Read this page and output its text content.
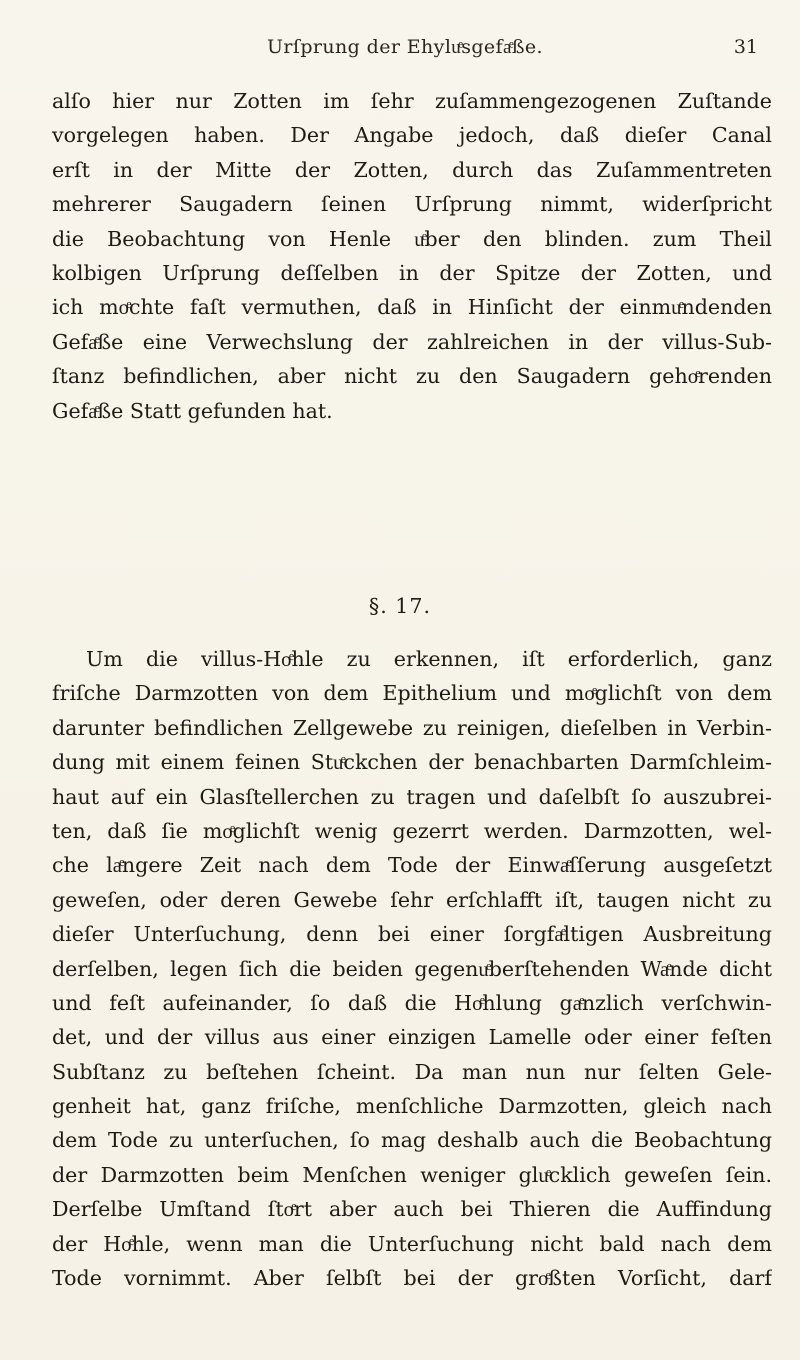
Urſprung der Ehyluͤsgefaͤße.	31
alſo hier nur Zotten im ſehr zuſammengezogenen Zuſtande
vorgelegen haben. Der Angabe jedoch, daß dieſer Canal
erſt in der Mitte der Zotten, durch das Zuſammentreten
mehrerer Saugadern ſeinen Urſprung nimmt, widerſpricht
die Beobachtung von Henle uͤber den blinden. zum Theil
kolbigen Urſprung deſſelben in der Spitze der Zotten, und
ich moͤchte faſt vermuthen, daß in Hinſicht der einmuͤndenden
Gefaͤße eine Verwechslung der zahlreichen in der villus-Sub-
ſtanz befindlichen, aber nicht zu den Saugadern gehoͤrenden
Gefaͤße Statt gefunden hat.
§. 17.
Um die villus-Hoͤhle zu erkennen, iſt erforderlich, ganz
friſche Darmzotten von dem Epithelium und moͤglichſt von dem
darunter befindlichen Zellgewebe zu reinigen, dieſelben in Verbin-
dung mit einem feinen Stuͤckchen der benachbarten Darmſchleim-
haut auf ein Glasſtellerchen zu tragen und daſelbſt ſo auszubrei-
ten, daß ſie moͤglichſt wenig gezerrt werden. Darmzotten, wel-
che laͤngere Zeit nach dem Tode der Einwaͤſſerung ausgeſetzt
geweſen, oder deren Gewebe ſehr erſchlafft iſt, taugen nicht zu
dieſer Unterſuchung, denn bei einer ſorgfaͤltigen Ausbreitung
derſelben, legen ſich die beiden gegenuͤberſtehenden Waͤnde dicht
und feſt aufeinander, ſo daß die Hoͤhlung gaͤnzlich verſchwin-
det, und der villus aus einer einzigen Lamelle oder einer feſten
Subſtanz zu beſtehen ſcheint. Da man nun nur ſelten Gele-
genheit hat, ganz friſche, menſchliche Darmzotten, gleich nach
dem Tode zu unterſuchen, ſo mag deshalb auch die Beobachtung
der Darmzotten beim Menſchen weniger gluͤcklich geweſen ſein.
Derſelbe Umſtand ſtoͤrt aber auch bei Thieren die Auffindung
der Hoͤhle, wenn man die Unterſuchung nicht bald nach dem
Tode vornimmt. Aber ſelbſt bei der groͤßten Vorſicht, darf
